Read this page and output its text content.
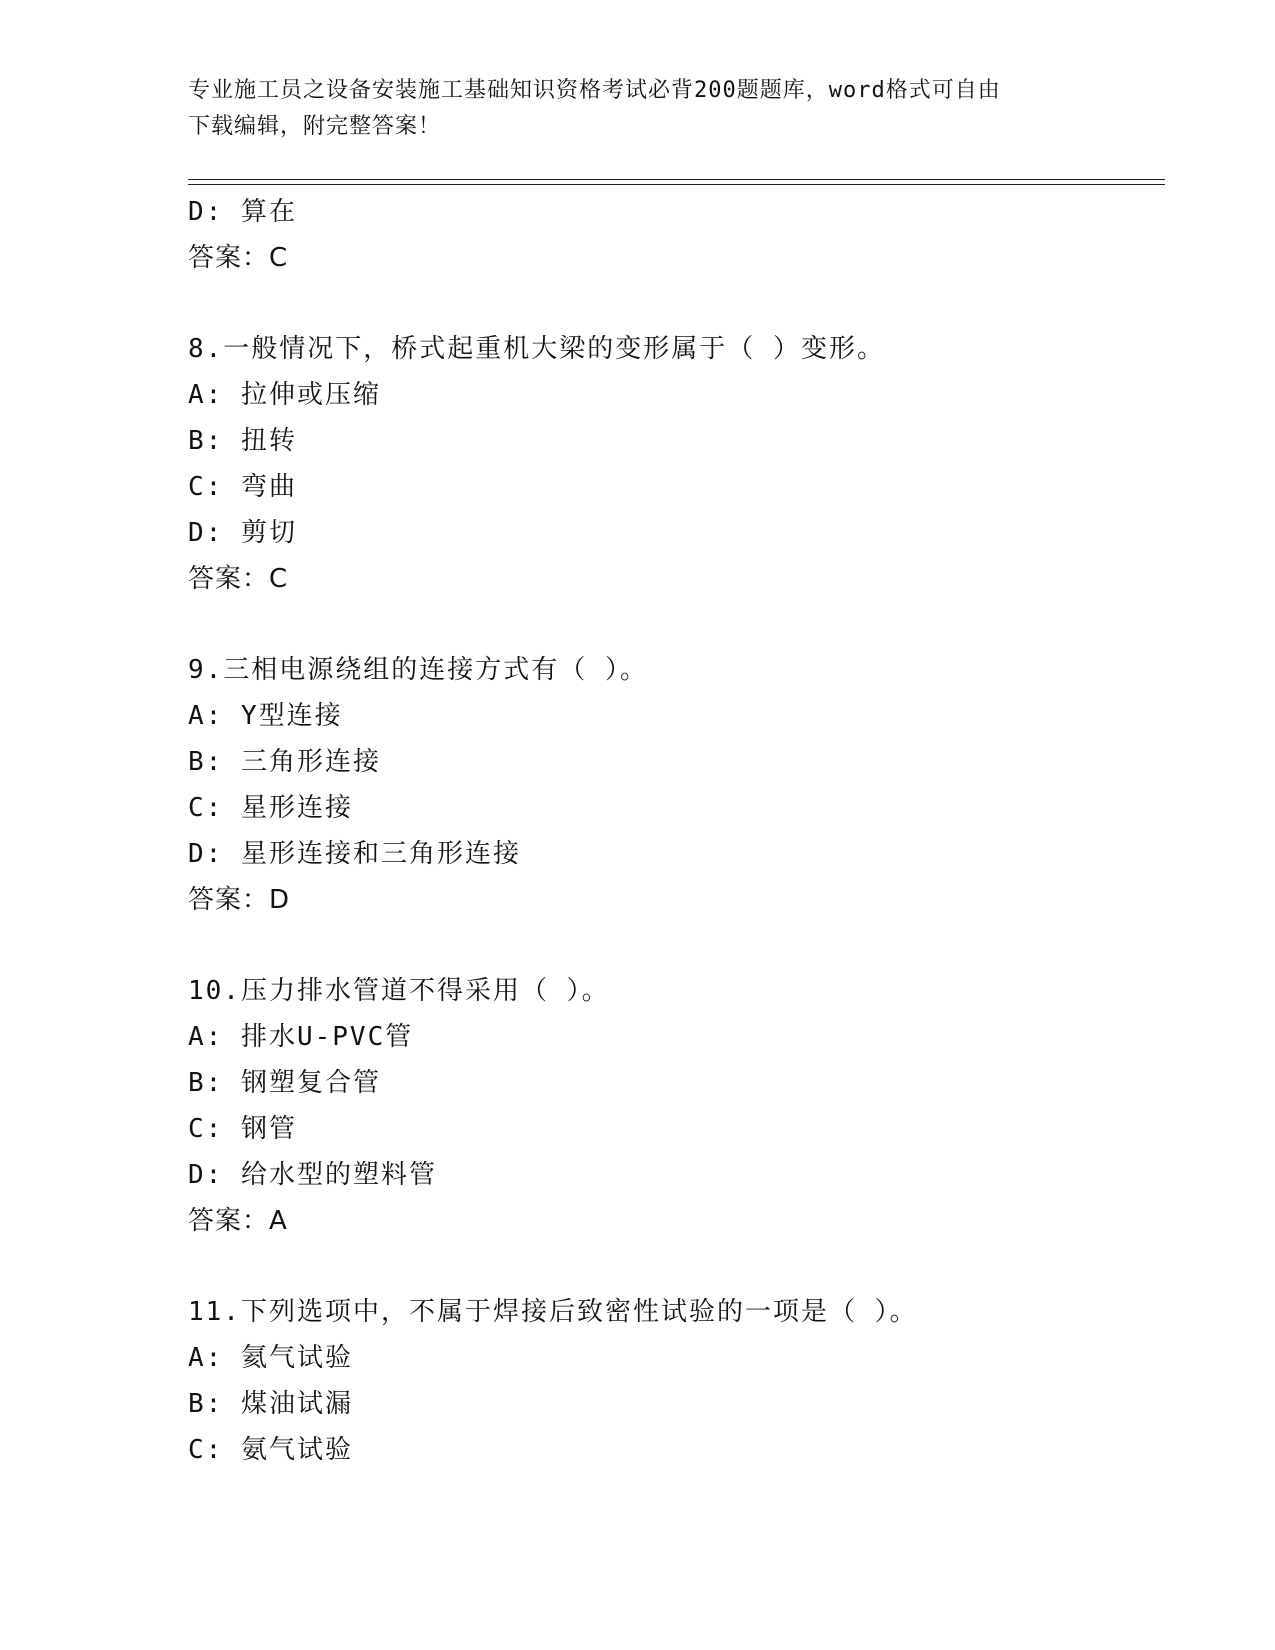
专业施工员之设备安装施工基础知识资格考试必背200题题库，word格式可自由
下载编辑，附完整答案！
D: 算在
答案：C
8.一般情况下，桥式起重机大梁的变形属于（ ）变形。
A: 拉伸或压缩
B: 扭转
C: 弯曲
D: 剪切
答案：C
9.三相电源绕组的连接方式有（ ）。
A: Y型连接
B: 三角形连接
C: 星形连接
D: 星形连接和三角形连接
答案：D
10.压力排水管道不得采用（ ）。
A: 排水U-PVC管
B: 钢塑复合管
C: 钢管
D: 给水型的塑料管
答案：A
11.下列选项中，不属于焊接后致密性试验的一项是（ ）。
A: 氦气试验
B: 煤油试漏
C: 氨气试验
